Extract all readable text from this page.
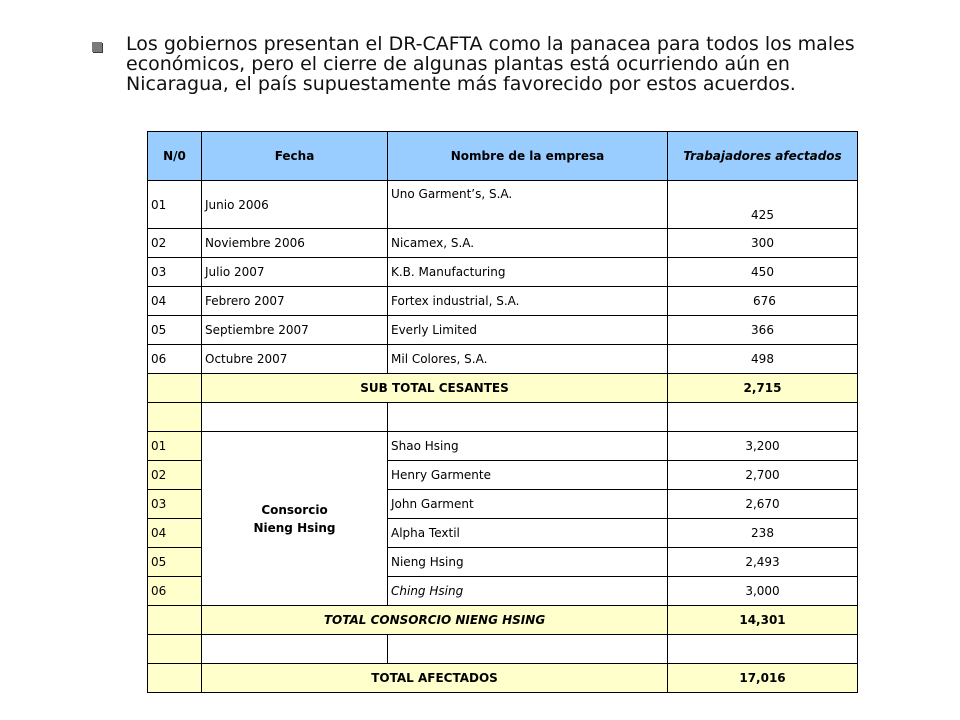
Los gobiernos presentan el DR-CAFTA como la panacea para todos los males económicos, pero el cierre de algunas plantas está ocurriendo aún en Nicaragua, el país supuestamente más favorecido por estos acuerdos.
N/0	Fecha	Nombre de la empresa	Trabajadores afectados
01	Junio 2006	Uno Garment’s, S.A.	425
02	Noviembre 2006	Nicamex, S.A.	300
03	Julio 2007	K.B. Manufacturing	450
04	Febrero 2007	Fortex industrial, S.A.	676
05	Septiembre 2007	Everly Limited	366
06	Octubre 2007	Mil Colores, S.A.	498
	SUB TOTAL CESANTES		2,715

01	Consorcio Nieng Hsing	Shao Hsing	3,200
02		Henry Garmente	2,700
03		John Garment	2,670
04		Alpha Textil	238
05		Nieng Hsing	2,493
06		Ching Hsing	3,000
	TOTAL CONSORCIO NIENG HSING		14,301

	TOTAL AFECTADOS		17,016
